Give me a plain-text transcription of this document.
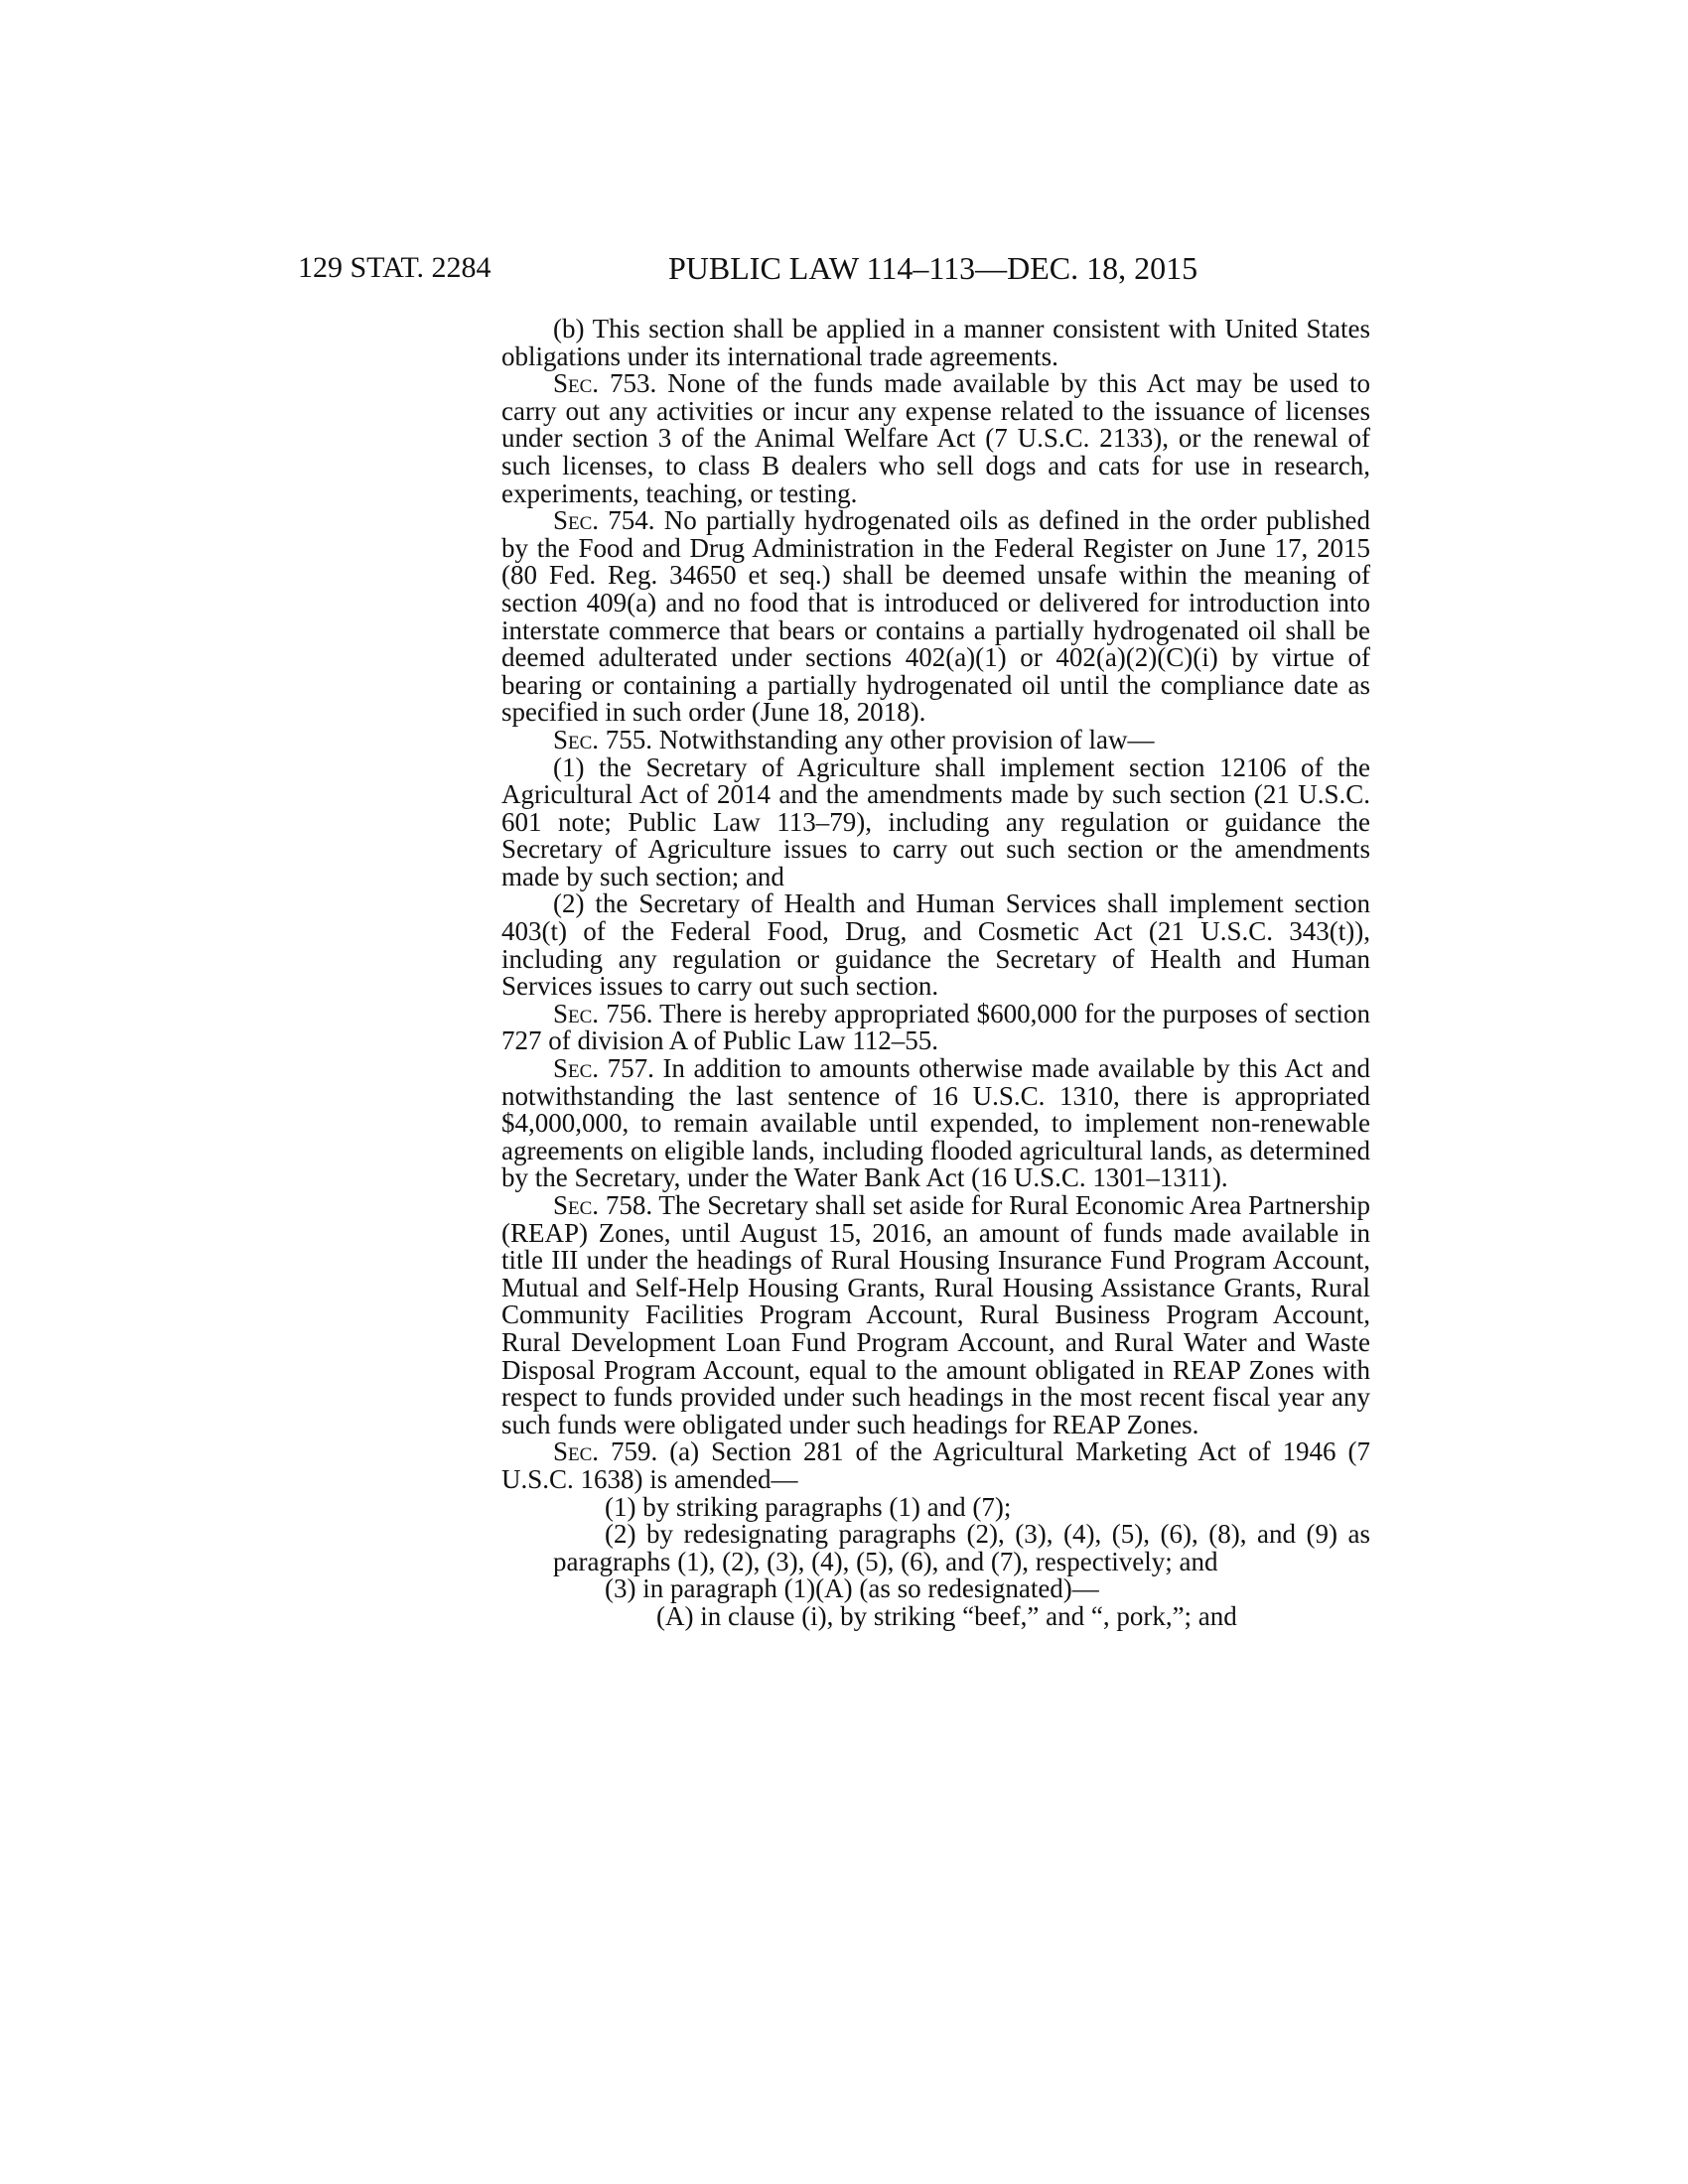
129 STAT. 2284	PUBLIC LAW 114–113—DEC. 18, 2015

(b) This section shall be applied in a manner consistent with United States obligations under its international trade agreements.

Sec. 753. None of the funds made available by this Act may be used to carry out any activities or incur any expense related to the issuance of licenses under section 3 of the Animal Welfare Act (7 U.S.C. 2133), or the renewal of such licenses, to class B dealers who sell dogs and cats for use in research, experiments, teaching, or testing.

Sec. 754. No partially hydrogenated oils as defined in the order published by the Food and Drug Administration in the Federal Register on June 17, 2015 (80 Fed. Reg. 34650 et seq.) shall be deemed unsafe within the meaning of section 409(a) and no food that is introduced or delivered for introduction into interstate commerce that bears or contains a partially hydrogenated oil shall be deemed adulterated under sections 402(a)(1) or 402(a)(2)(C)(i) by virtue of bearing or containing a partially hydrogenated oil until the compliance date as specified in such order (June 18, 2018).

Sec. 755. Notwithstanding any other provision of law—

(1) the Secretary of Agriculture shall implement section 12106 of the Agricultural Act of 2014 and the amendments made by such section (21 U.S.C. 601 note; Public Law 113–79), including any regulation or guidance the Secretary of Agriculture issues to carry out such section or the amendments made by such section; and

(2) the Secretary of Health and Human Services shall implement section 403(t) of the Federal Food, Drug, and Cosmetic Act (21 U.S.C. 343(t)), including any regulation or guidance the Secretary of Health and Human Services issues to carry out such section.

Sec. 756. There is hereby appropriated $600,000 for the purposes of section 727 of division A of Public Law 112–55.

Sec. 757. In addition to amounts otherwise made available by this Act and notwithstanding the last sentence of 16 U.S.C. 1310, there is appropriated $4,000,000, to remain available until expended, to implement non-renewable agreements on eligible lands, including flooded agricultural lands, as determined by the Secretary, under the Water Bank Act (16 U.S.C. 1301–1311).

Sec. 758. The Secretary shall set aside for Rural Economic Area Partnership (REAP) Zones, until August 15, 2016, an amount of funds made available in title III under the headings of Rural Housing Insurance Fund Program Account, Mutual and Self-Help Housing Grants, Rural Housing Assistance Grants, Rural Community Facilities Program Account, Rural Business Program Account, Rural Development Loan Fund Program Account, and Rural Water and Waste Disposal Program Account, equal to the amount obligated in REAP Zones with respect to funds provided under such headings in the most recent fiscal year any such funds were obligated under such headings for REAP Zones.

Sec. 759. (a) Section 281 of the Agricultural Marketing Act of 1946 (7 U.S.C. 1638) is amended—

(1) by striking paragraphs (1) and (7);

(2) by redesignating paragraphs (2), (3), (4), (5), (6), (8), and (9) as paragraphs (1), (2), (3), (4), (5), (6), and (7), respectively; and

(3) in paragraph (1)(A) (as so redesignated)—

(A) in clause (i), by striking “beef,” and “, pork,”; and
